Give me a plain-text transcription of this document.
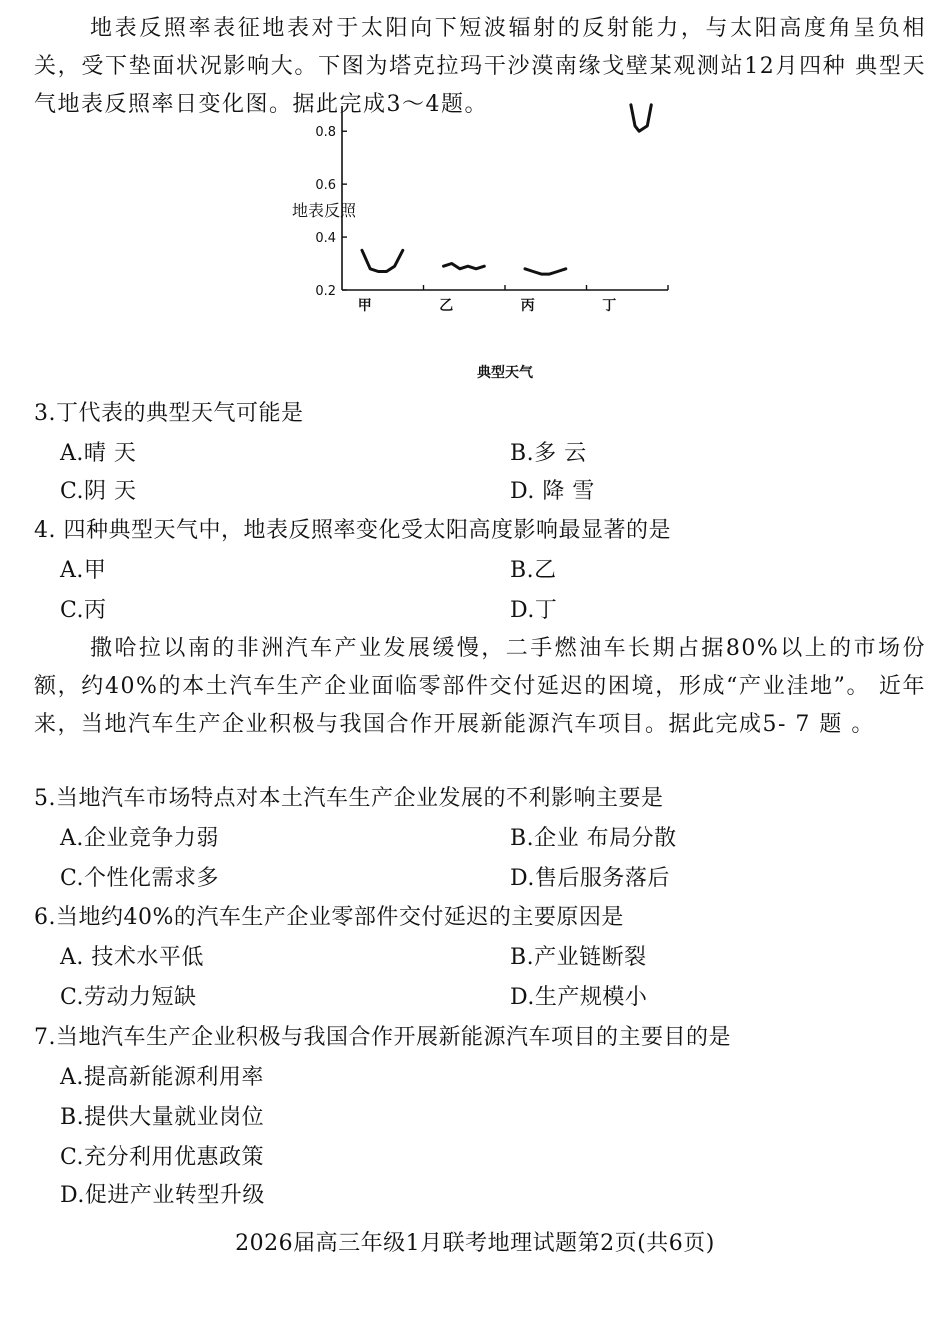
地表反照率表征地表对于太阳向下短波辐射的反射能力，与太阳高度角呈负相关，受下垫面状况影响大。下图为塔克拉玛干沙漠南缘戈壁某观测站12月四种 典型天气地表反照率日变化图。据此完成3～4题。
0.2
0.4
0.6
0.8
甲	乙	丙	丁
地表反照
典型天气
3.丁代表的典型天气可能是
A.晴 天	B.多 云
C.阴 天	D. 降 雪
4. 四种典型天气中，地表反照率变化受太阳高度影响最显著的是
A.甲	B.乙
C.丙	D.丁
撒哈拉以南的非洲汽车产业发展缓慢，二手燃油车长期占据80%以上的市场份额，约40%的本土汽车生产企业面临零部件交付延迟的困境，形成“产业洼地”。 近年来，当地汽车生产企业积极与我国合作开展新能源汽车项目。据此完成5- 7 题 。
5.当地汽车市场特点对本土汽车生产企业发展的不利影响主要是
A.企业竞争力弱	B.企业 布局分散
C.个性化需求多	D.售后服务落后
6.当地约40%的汽车生产企业零部件交付延迟的主要原因是
A. 技术水平低	B.产业链断裂
C.劳动力短缺	D.生产规模小
7.当地汽车生产企业积极与我国合作开展新能源汽车项目的主要目的是
A.提高新能源利用率
B.提供大量就业岗位
C.充分利用优惠政策
D.促进产业转型升级
2026届高三年级1月联考地理试题第2页(共6页)
